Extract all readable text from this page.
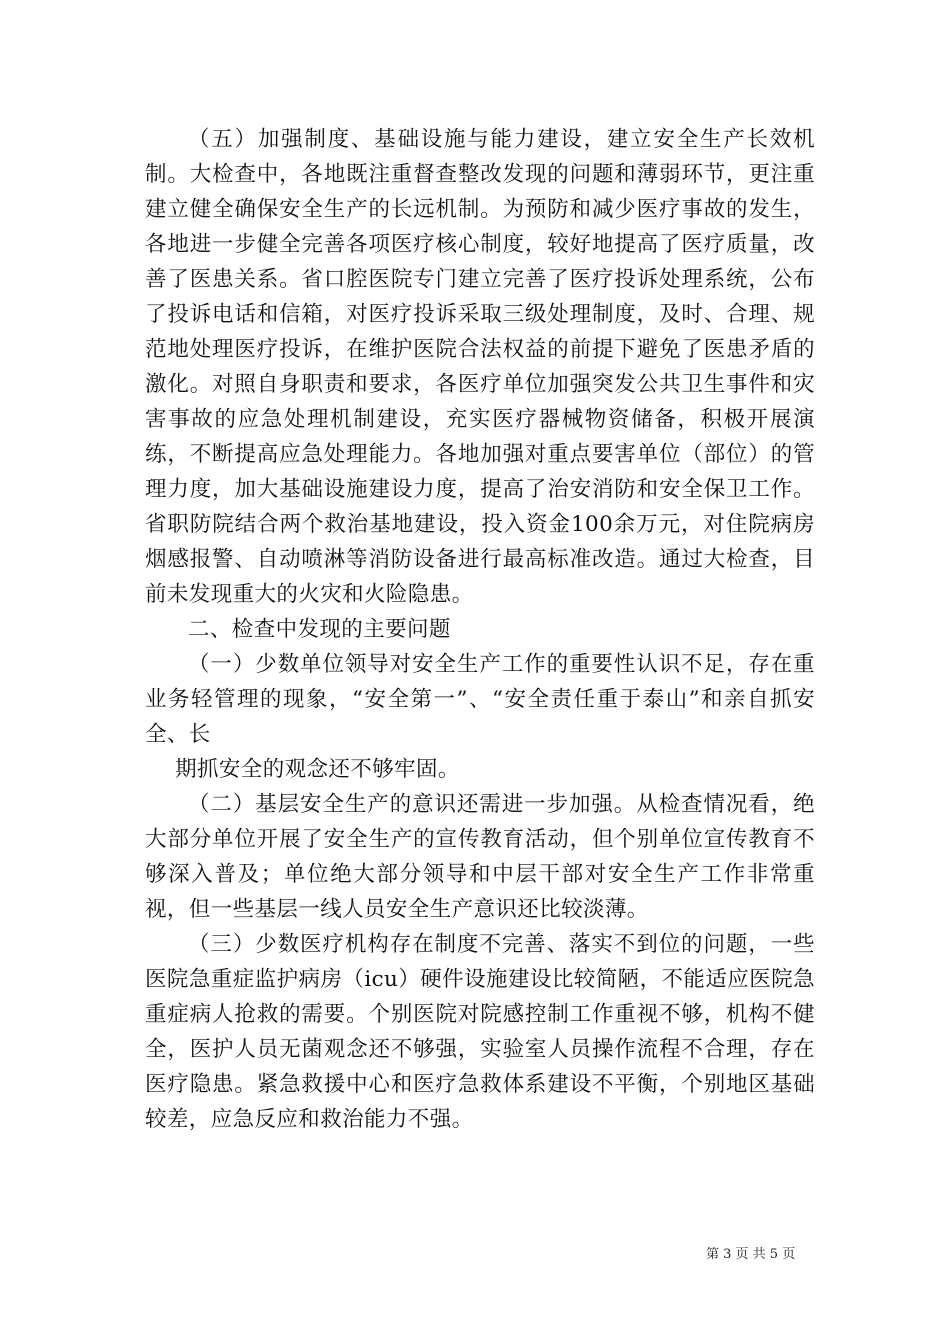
（五）加强制度、基础设施与能力建设，建立安全生产长效机制。大检查中，各地既注重督查整改发现的问题和薄弱环节，更注重建立健全确保安全生产的长远机制。为预防和减少医疗事故的发生，各地进一步健全完善各项医疗核心制度，较好地提高了医疗质量，改善了医患关系。省口腔医院专门建立完善了医疗投诉处理系统，公布了投诉电话和信箱，对医疗投诉采取三级处理制度，及时、合理、规范地处理医疗投诉，在维护医院合法权益的前提下避免了医患矛盾的激化。对照自身职责和要求，各医疗单位加强突发公共卫生事件和灾害事故的应急处理机制建设，充实医疗器械物资储备，积极开展演练，不断提高应急处理能力。各地加强对重点要害单位（部位）的管理力度，加大基础设施建设力度，提高了治安消防和安全保卫工作。省职防院结合两个救治基地建设，投入资金100余万元，对住院病房烟感报警、自动喷淋等消防设备进行最高标准改造。通过大检查，目前未发现重大的火灾和火险隐患。

二、检查中发现的主要问题

（一）少数单位领导对安全生产工作的重要性认识不足，存在重业务轻管理的现象，“安全第一”、“安全责任重于泰山”和亲自抓安全、长

期抓安全的观念还不够牢固。

（二）基层安全生产的意识还需进一步加强。从检查情况看，绝大部分单位开展了安全生产的宣传教育活动，但个别单位宣传教育不够深入普及；单位绝大部分领导和中层干部对安全生产工作非常重视，但一些基层一线人员安全生产意识还比较淡薄。

（三）少数医疗机构存在制度不完善、落实不到位的问题，一些医院急重症监护病房（icu）硬件设施建设比较简陋，不能适应医院急重症病人抢救的需要。个别医院对院感控制工作重视不够，机构不健全，医护人员无菌观念还不够强，实验室人员操作流程不合理，存在医疗隐患。紧急救援中心和医疗急救体系建设不平衡，个别地区基础较差，应急反应和救治能力不强。

第 3 页 共 5 页
